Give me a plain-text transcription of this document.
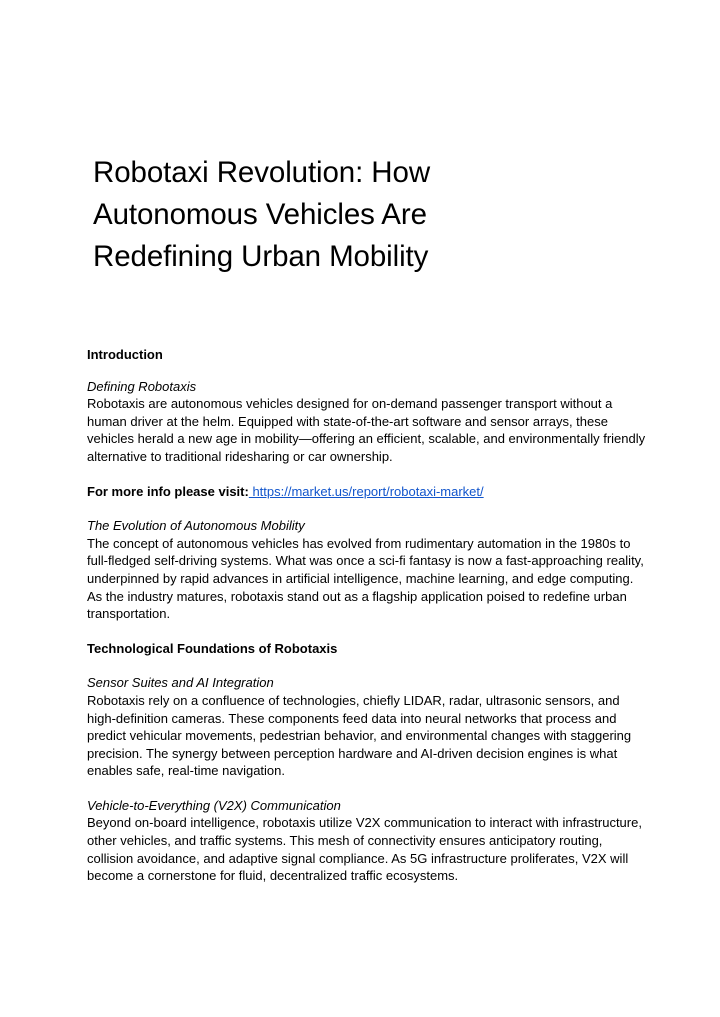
Robotaxi Revolution: How Autonomous Vehicles Are Redefining Urban Mobility

Introduction

Defining Robotaxis

Robotaxis are autonomous vehicles designed for on-demand passenger transport without a human driver at the helm. Equipped with state-of-the-art software and sensor arrays, these vehicles herald a new age in mobility—offering an efficient, scalable, and environmentally friendly alternative to traditional ridesharing or car ownership.

For more info please visit: https://market.us/report/robotaxi-market/

The Evolution of Autonomous Mobility

The concept of autonomous vehicles has evolved from rudimentary automation in the 1980s to full-fledged self-driving systems. What was once a sci-fi fantasy is now a fast-approaching reality, underpinned by rapid advances in artificial intelligence, machine learning, and edge computing. As the industry matures, robotaxis stand out as a flagship application poised to redefine urban transportation.

Technological Foundations of Robotaxis

Sensor Suites and AI Integration

Robotaxis rely on a confluence of technologies, chiefly LIDAR, radar, ultrasonic sensors, and high-definition cameras. These components feed data into neural networks that process and predict vehicular movements, pedestrian behavior, and environmental changes with staggering precision. The synergy between perception hardware and AI-driven decision engines is what enables safe, real-time navigation.

Vehicle-to-Everything (V2X) Communication

Beyond on-board intelligence, robotaxis utilize V2X communication to interact with infrastructure, other vehicles, and traffic systems. This mesh of connectivity ensures anticipatory routing, collision avoidance, and adaptive signal compliance. As 5G infrastructure proliferates, V2X will become a cornerstone for fluid, decentralized traffic ecosystems.
